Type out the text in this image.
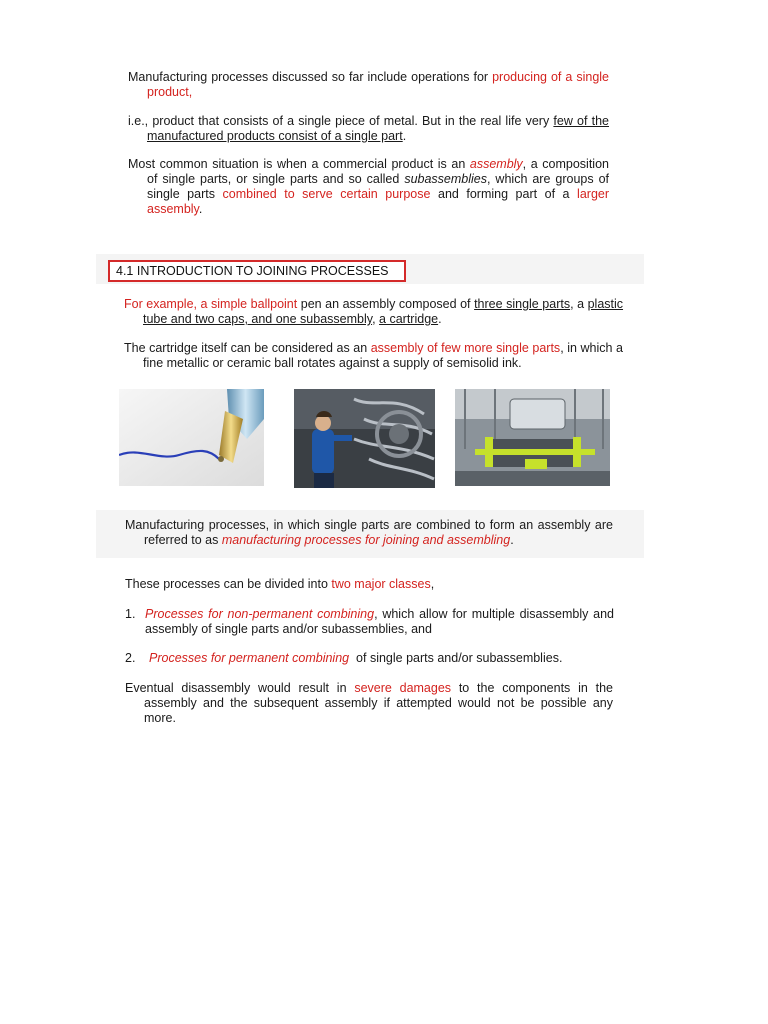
Manufacturing processes discussed so far include operations for producing of a single product,
i.e., product that consists of a single piece of metal. But in the real life very few of the manufactured products consist of a single part.
Most common situation is when a commercial product is an assembly, a composition of single parts, or single parts and so called subassemblies, which are groups of single parts combined to serve certain purpose and forming part of a larger assembly.
4.1 INTRODUCTION TO JOINING PROCESSES
For example, a simple ballpoint pen an assembly composed of three single parts, a plastic tube and two caps, and one subassembly, a cartridge.
The cartridge itself can be considered as an assembly of few more single parts, in which a fine metallic or ceramic ball rotates against a supply of semisolid ink.
Manufacturing processes, in which single parts are combined to form an assembly are referred to as manufacturing processes for joining and assembling.
These processes can be divided into two major classes,
1. Processes for non-permanent combining, which allow for multiple disassembly and assembly of single parts and/or subassemblies, and
2. Processes for permanent combining  of single parts and/or subassemblies.
Eventual disassembly would result in severe damages to the components in the assembly and the subsequent assembly if attempted would not be possible any more.
